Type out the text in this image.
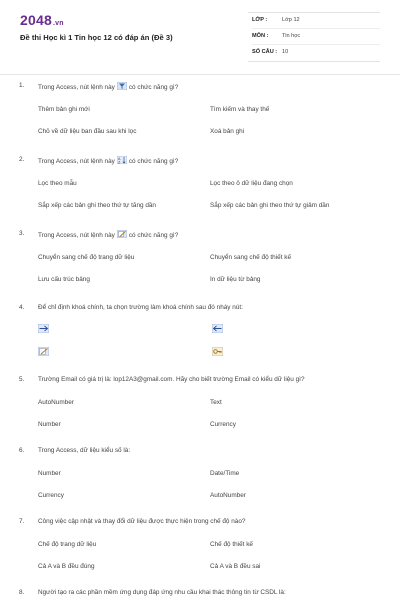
2048.vn
Đề thi Học kì 1 Tin học 12 có đáp án (Đề 3)
LỚP :	Lớp 12
MÔN : Tin học
SỐ CÂU : 10
1. Trong Access, nút lệnh này có chức năng gì?
Thêm bản ghi mới	Tìm kiếm và thay thế
Chỏ về dữ liệu ban đầu sau khi lọc	Xoá bản ghi
2. Trong Access, nút lệnh này A
Z có chức năng gì?
Lọc theo mẫu	Lọc theo ô dữ liệu đang chọn
Sắp xếp các bản ghi theo thứ tự tăng dần	Sắp xếp các bản ghi theo thứ tự giảm dần
3. Trong Access, nút lệnh này có chức năng gì?
Chuyển sang chế độ trang dữ liệu	Chuyển sang chế độ thiết kế
Lưu cấu trúc bảng	In dữ liệu từ bảng
4. Để chỉ định khoá chính, ta chọn trường làm khoá chính sau đó nháy nút:
5. Trường Email có giá trị là: lop12A3@gmail.com. Hãy cho biết trường Email có kiểu dữ liệu gì?
AutoNumber	Text
Number	Currency
6. Trong Access, dữ liệu kiểu số là:
Number	Date/Time
Currency	AutoNumber
7. Công việc cập nhật và thay đổi dữ liệu được thực hiện trong chế độ nào?
Chế độ trang dữ liệu	Chế độ thiết kế
Cả A và B đều đúng	Cả A và B đều sai
8. Người tạo ra các phần mềm ứng dụng đáp ứng nhu cầu khai thác thông tin từ CSDL là:
